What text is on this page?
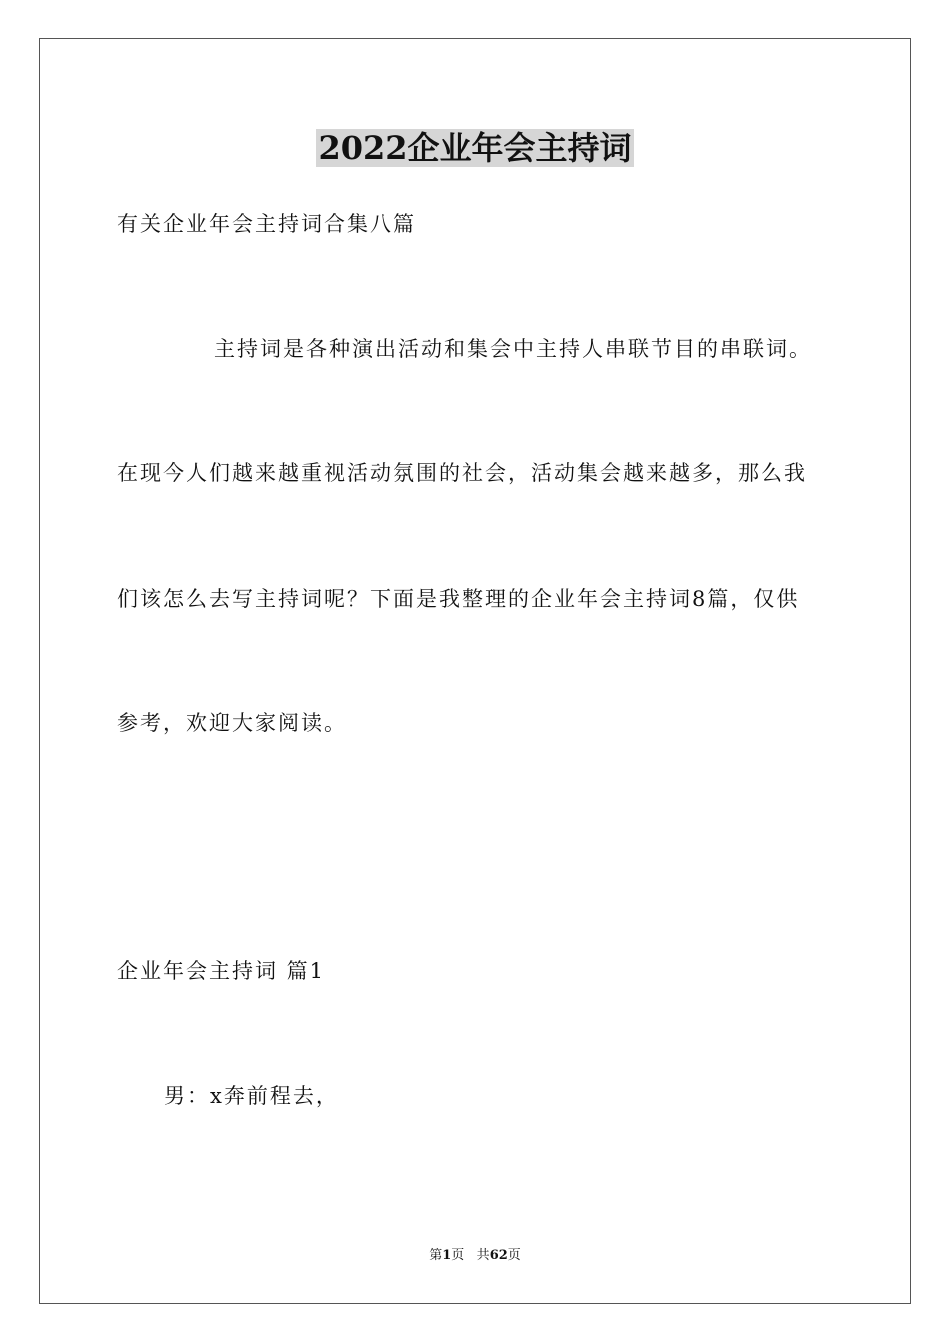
2022企业年会主持词
有关企业年会主持词合集八篇
主持词是各种演出活动和集会中主持人串联节目的串联词。
在现今人们越来越重视活动氛围的社会，活动集会越来越多，那么我
们该怎么去写主持词呢？下面是我整理的企业年会主持词8篇，仅供
参考，欢迎大家阅读。
企业年会主持词 篇1
男：x奔前程去，
第1页 共62页
